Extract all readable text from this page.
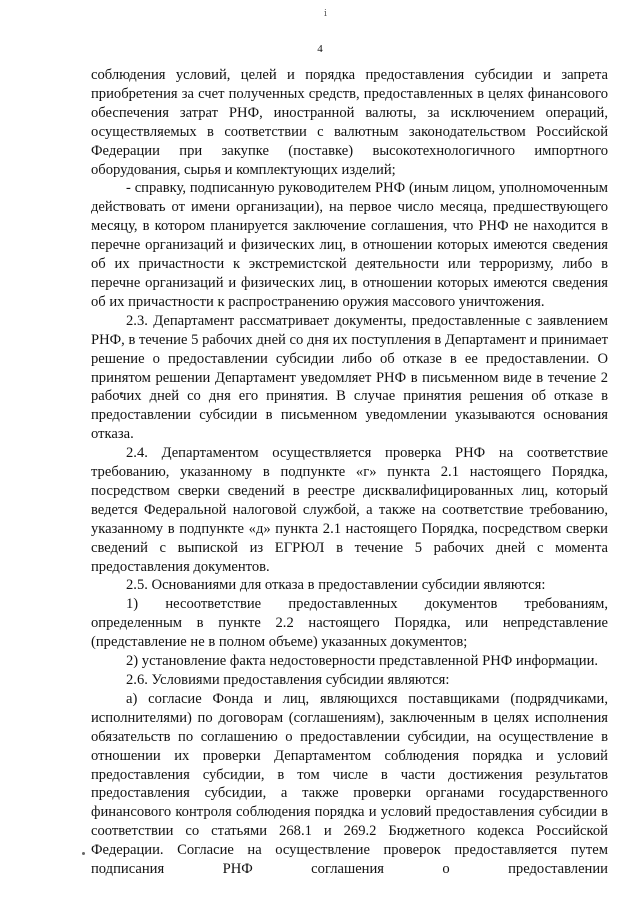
ⅰ
4

соблюдения условий, целей и порядка предоставления субсидии и запрета приобретения за счет полученных средств, предоставленных в целях финансового обеспечения затрат РНФ, иностранной валюты, за исключением операций, осуществляемых в соответствии с валютным законодательством Российской Федерации при закупке (поставке) высокотехнологичного импортного оборудования, сырья и комплектующих изделий;

- справку, подписанную руководителем РНФ (иным лицом, уполномоченным действовать от имени организации), на первое число месяца, предшествующего месяцу, в котором планируется заключение соглашения, что РНФ не находится в перечне организаций и физических лиц, в отношении которых имеются сведения об их причастности к экстремистской деятельности или терроризму, либо в перечне организаций и физических лиц, в отношении которых имеются сведения об их причастности к распространению оружия массового уничтожения.

2.3. Департамент рассматривает документы, предоставленные с заявлением РНФ, в течение 5 рабочих дней со дня их поступления в Департамент и принимает решение о предоставлении субсидии либо об отказе в ее предоставлении. О принятом решении Департамент уведомляет РНФ в письменном виде в течение 2 рабочих дней со дня его принятия. В случае принятия решения об отказе в предоставлении субсидии в письменном уведомлении указываются основания отказа.

2.4. Департаментом осуществляется проверка РНФ на соответствие требованию, указанному в подпункте «г» пункта 2.1 настоящего Порядка, посредством сверки сведений в реестре дисквалифицированных лиц, который ведется Федеральной налоговой службой, а также на соответствие требованию, указанному в подпункте «д» пункта 2.1 настоящего Порядка, посредством сверки сведений с выпиской из ЕГРЮЛ в течение 5 рабочих дней с момента предоставления документов.

2.5. Основаниями для отказа в предоставлении субсидии являются:

1) несоответствие предоставленных документов требованиям, определенным в пункте 2.2 настоящего Порядка, или непредставление (представление не в полном объеме) указанных документов;

2) установление факта недостоверности представленной РНФ информации.

2.6. Условиями предоставления субсидии являются:

а) согласие Фонда и лиц, являющихся поставщиками (подрядчиками, исполнителями) по договорам (соглашениям), заключенным в целях исполнения обязательств по соглашению о предоставлении субсидии, на осуществление в отношении их проверки Департаментом соблюдения порядка и условий предоставления субсидии, в том числе в части достижения результатов предоставления субсидии, а также проверки органами государственного финансового контроля соблюдения порядка и условий предоставления субсидии в соответствии со статьями 268.1 и 269.2 Бюджетного кодекса Российской Федерации. Согласие на осуществление проверок предоставляется путем подписания РНФ соглашения о предоставлении
